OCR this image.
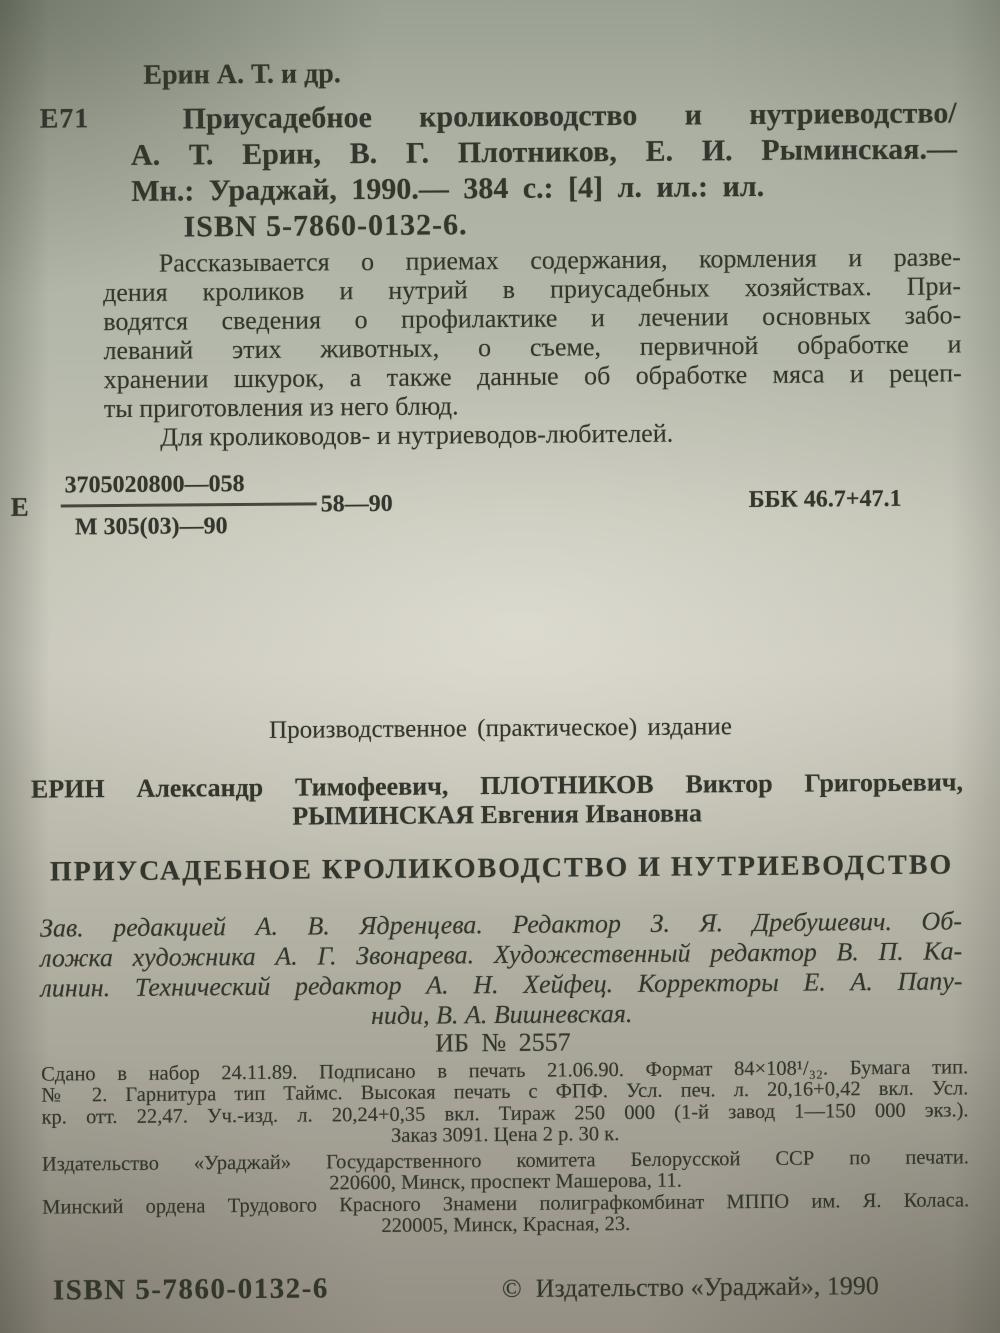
Ерин А. Т. и др.
Е71	Приусадебное кролиководство и нутриеводство/
А. Т. Ерин, В. Г. Плотников, Е. И. Рыминская.—
Мн.: Ураджай, 1990.— 384 с.: [4] л. ил.: ил.
ISBN 5-7860-0132-6.
Рассказывается о приемах содержания, кормления и разве-
дения кроликов и нутрий в приусадебных хозяйствах. При-
водятся сведения о профилактике и лечении основных забо-
леваний этих животных, о съеме, первичной обработке и
хранении шкурок, а также данные об обработке мяса и рецеп-
ты приготовления из него блюд.
Для кролиководов- и нутриеводов-любителей.
Е
3705020800—058
М 305(03)—90
58—90	ББК 46.7+47.1
Производственное (практическое) издание
ЕРИН Александр Тимофеевич, ПЛОТНИКОВ Виктор Григорьевич,
РЫМИНСКАЯ Евгения Ивановна
ПРИУСАДЕБНОЕ КРОЛИКОВОДСТВО И НУТРИЕВОДСТВО
Зав. редакцией А. В. Ядренцева. Редактор З. Я. Дребушевич. Об-
ложка художника А. Г. Звонарева. Художественный редактор В. П. Ка-
линин. Технический редактор А. Н. Хейфец. Корректоры Е. А. Папу-
ниди, В. А. Вишневская.
ИБ № 2557
Сдано в набор 24.11.89. Подписано в печать 21.06.90. Формат 84×108¹/₃₂. Бумага тип.
№ 2. Гарнитура тип Таймс. Высокая печать с ФПФ. Усл. печ. л. 20,16+0,42 вкл. Усл.
кр. отт. 22,47. Уч.-изд. л. 20,24+0,35 вкл. Тираж 250 000 (1-й завод 1—150 000 экз.).
Заказ 3091. Цена 2 р. 30 к.
Издательство «Ураджай» Государственного комитета Белорусской ССР по печати.
220600, Минск, проспект Машерова, 11.
Минский ордена Трудового Красного Знамени полиграфкомбинат МППО им. Я. Коласа.
220005, Минск, Красная, 23.
ISBN 5-7860-0132-6	© Издательство «Ураджай», 1990
